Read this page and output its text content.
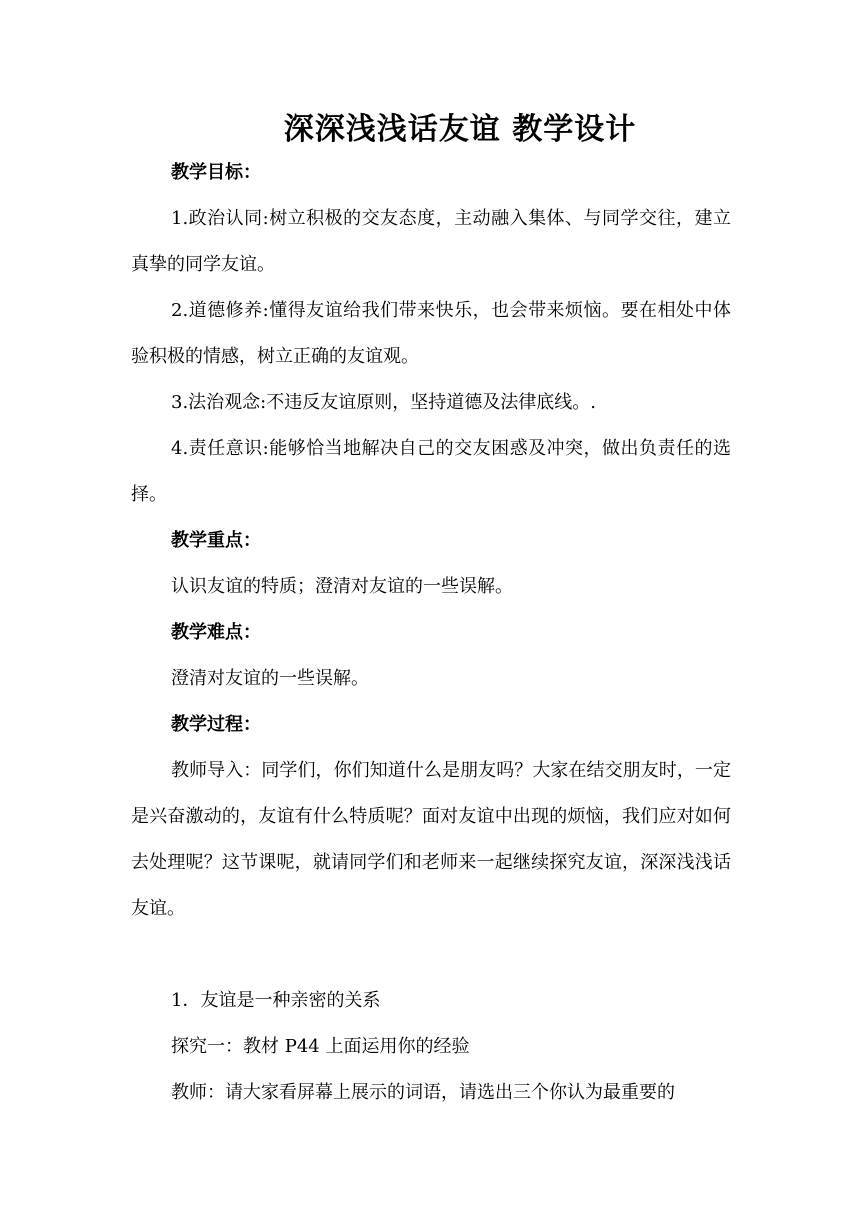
深深浅浅话友谊 教学设计

教学目标：

1.政治认同:树立积极的交友态度，主动融入集体、与同学交往，建立真挚的同学友谊。

2.道德修养:懂得友谊给我们带来快乐，也会带来烦恼。要在相处中体验积极的情感，树立正确的友谊观。

3.法治观念:不违反友谊原则，坚持道德及法律底线。.

4.责任意识:能够恰当地解决自己的交友困惑及冲突，做出负责任的选择。

教学重点：

认识友谊的特质；澄清对友谊的一些误解。

教学难点：

澄清对友谊的一些误解。

教学过程：

教师导入：同学们，你们知道什么是朋友吗？大家在结交朋友时，一定是兴奋激动的，友谊有什么特质呢？面对友谊中出现的烦恼，我们应对如何去处理呢？这节课呢，就请同学们和老师来一起继续探究友谊，深深浅浅话友谊。

1．友谊是一种亲密的关系

探究一：教材 P44 上面运用你的经验

教师：请大家看屏幕上展示的词语，请选出三个你认为最重要的
